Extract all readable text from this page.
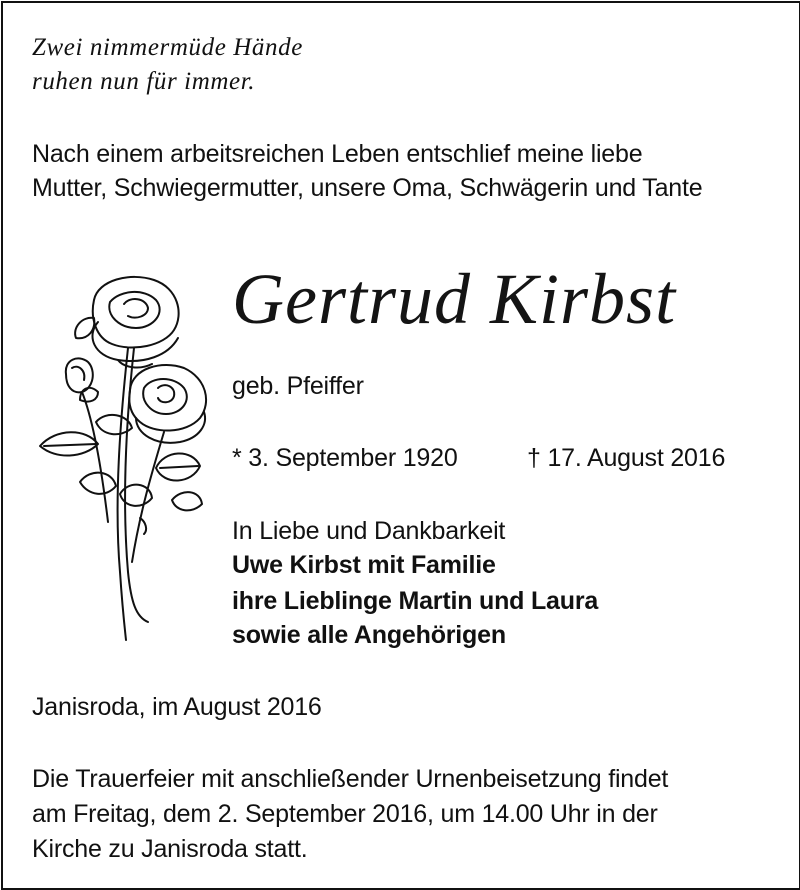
Zwei nimmermüde Hände
ruhen nun für immer.
Nach einem arbeitsreichen Leben entschlief meine liebe
Mutter, Schwiegermutter, unsere Oma, Schwägerin und Tante
Gertrud Kirbst
geb. Pfeiffer
* 3. September 1920	† 17. August 2016
In Liebe und Dankbarkeit
Uwe Kirbst mit Familie
ihre Lieblinge Martin und Laura
sowie alle Angehörigen
Janisroda, im August 2016
Die Trauerfeier mit anschließender Urnenbeisetzung findet
am Freitag, dem 2. September 2016, um 14.00 Uhr in der
Kirche zu Janisroda statt.
